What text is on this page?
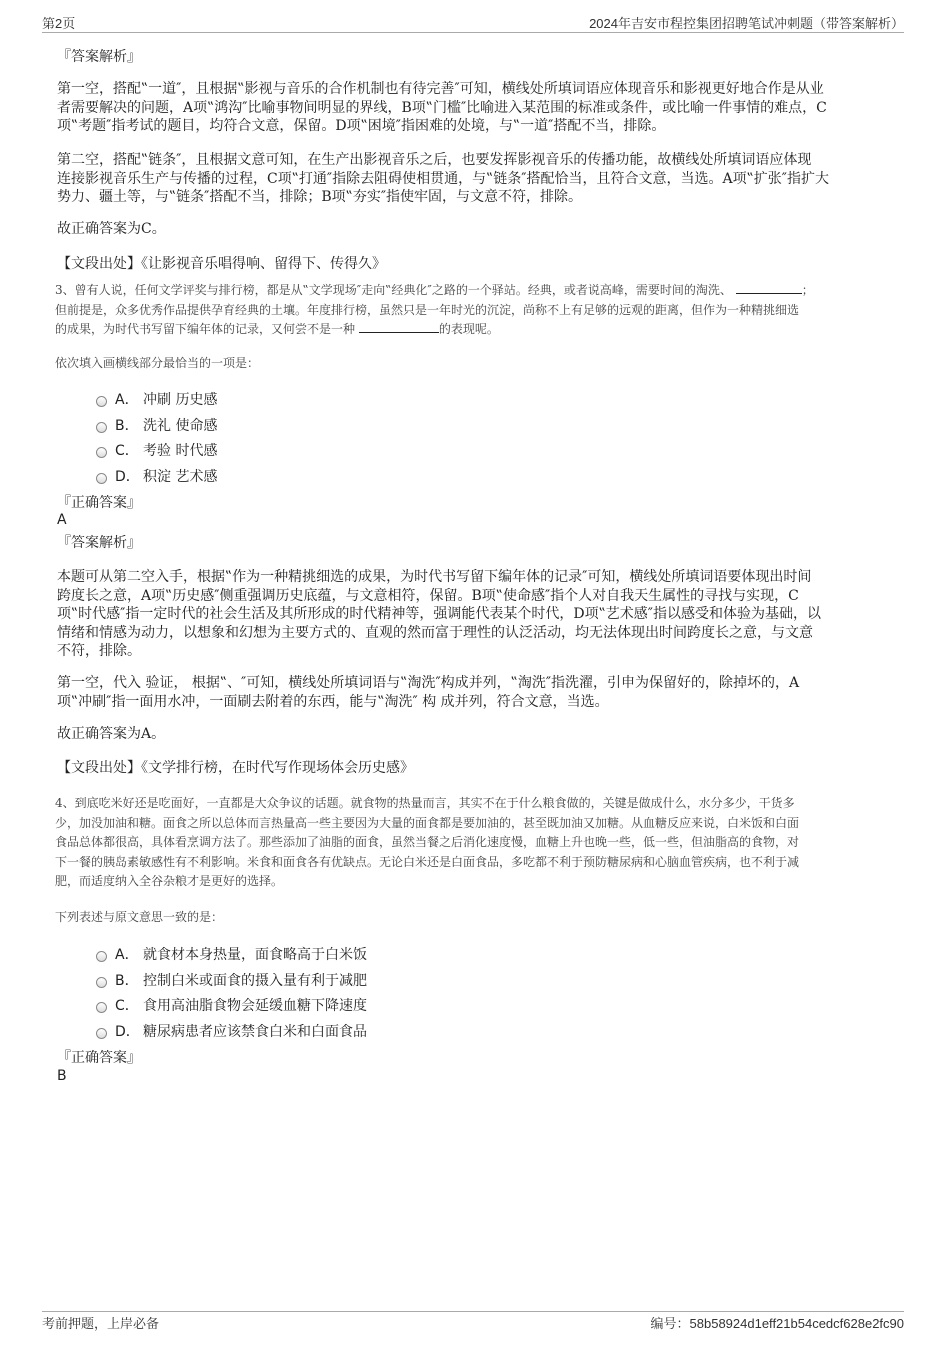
第2页	2024年吉安市程控集团招聘笔试冲刺题（带答案解析）
『答案解析』
第一空，搭配‟一道″，且根据‟影视与音乐的合作机制也有待完善″可知，横线处所填词语应体现音乐和影视更好地合作是从业
者需要解决的问题，A项‟鸿沟″比喻事物间明显的界线，B项‟门槛″比喻进入某范围的标准或条件，或比喻一件事情的难点，C
项‟考题″指考试的题目，均符合文意，保留。D项‟困境″指困难的处境，与‟一道″搭配不当，排除。
第二空，搭配‟链条″，且根据文意可知，在生产出影视音乐之后，也要发挥影视音乐的传播功能，故横线处所填词语应体现
连接影视音乐生产与传播的过程，C项‟打通″指除去阻碍使相贯通，与‟链条″搭配恰当，且符合文意，当选。A项‟扩张″指扩大
势力、疆土等，与‟链条″搭配不当，排除；B项‟夯实″指使牢固，与文意不符，排除。
故正确答案为C。
【文段出处】《让影视音乐唱得响、留得下、传得久》
3、曾有人说，任何文学评奖与排行榜，都是从‟文学现场″走向‟经典化″之路的一个驿站。经典，或者说高峰，需要时间的淘洗、	；
但前提是，众多优秀作品提供孕育经典的土壤。年度排行榜，虽然只是一年时光的沉淀，尚称不上有足够的远观的距离，但作为一种精挑细选
的成果，为时代书写留下编年体的记录，又何尝不是一种	的表现呢。
依次填入画横线部分最恰当的一项是：
A． 冲刷 历史感
B． 洗礼 使命感
C． 考验 时代感
D． 积淀 艺术感
『正确答案』
A
『答案解析』
本题可从第二空入手，根据‟作为一种精挑细选的成果，为时代书写留下编年体的记录″可知，横线处所填词语要体现出时间
跨度长之意，A项‟历史感″侧重强调历史底蕴，与文意相符，保留。B项‟使命感″指个人对自我天生属性的寻找与实现，C
项‟时代感″指一定时代的社会生活及其所形成的时代精神等，强调能代表某个时代，D项‟艺术感″指以感受和体验为基础，以
情绪和情感为动力，以想象和幻想为主要方式的、直观的然而富于理性的认泛活动，均无法体现出时间跨度长之意，与文意
不符，排除。
第一空，代入 验证， 根据‟、″可知，横线处所填词语与‟淘洗″构成并列，‟淘洗″指洗濯，引申为保留好的，除掉坏的，A
项‟冲刷″指一面用水冲，一面刷去附着的东西，能与‟淘洗″ 构 成并列，符合文意，当选。
故正确答案为A。
【文段出处】《文学排行榜，在时代写作现场体会历史感》
4、到底吃米好还是吃面好，一直都是大众争议的话题。就食物的热量而言，其实不在于什么粮食做的，关键是做成什么，水分多少，干货多
少，加没加油和糖。面食之所以总体而言热量高一些主要因为大量的面食都是要加油的，甚至既加油又加糖。从血糖反应来说，白米饭和白面
食品总体都很高，具体看烹调方法了。那些添加了油脂的面食，虽然当餐之后消化速度慢，血糖上升也晚一些，低一些，但油脂高的食物，对
下一餐的胰岛素敏感性有不利影响。米食和面食各有优缺点。无论白米还是白面食品，多吃都不利于预防糖尿病和心脑血管疾病，也不利于减
肥，而适度纳入全谷杂粮才是更好的选择。
下列表述与原文意思一致的是：
A． 就食材本身热量，面食略高于白米饭
B． 控制白米或面食的摄入量有利于减肥
C． 食用高油脂食物会延缓血糖下降速度
D． 糖尿病患者应该禁食白米和白面食品
『正确答案』
B
考前押题，上岸必备	编号：58b58924d1eff21b54cedcf628e2fc90
